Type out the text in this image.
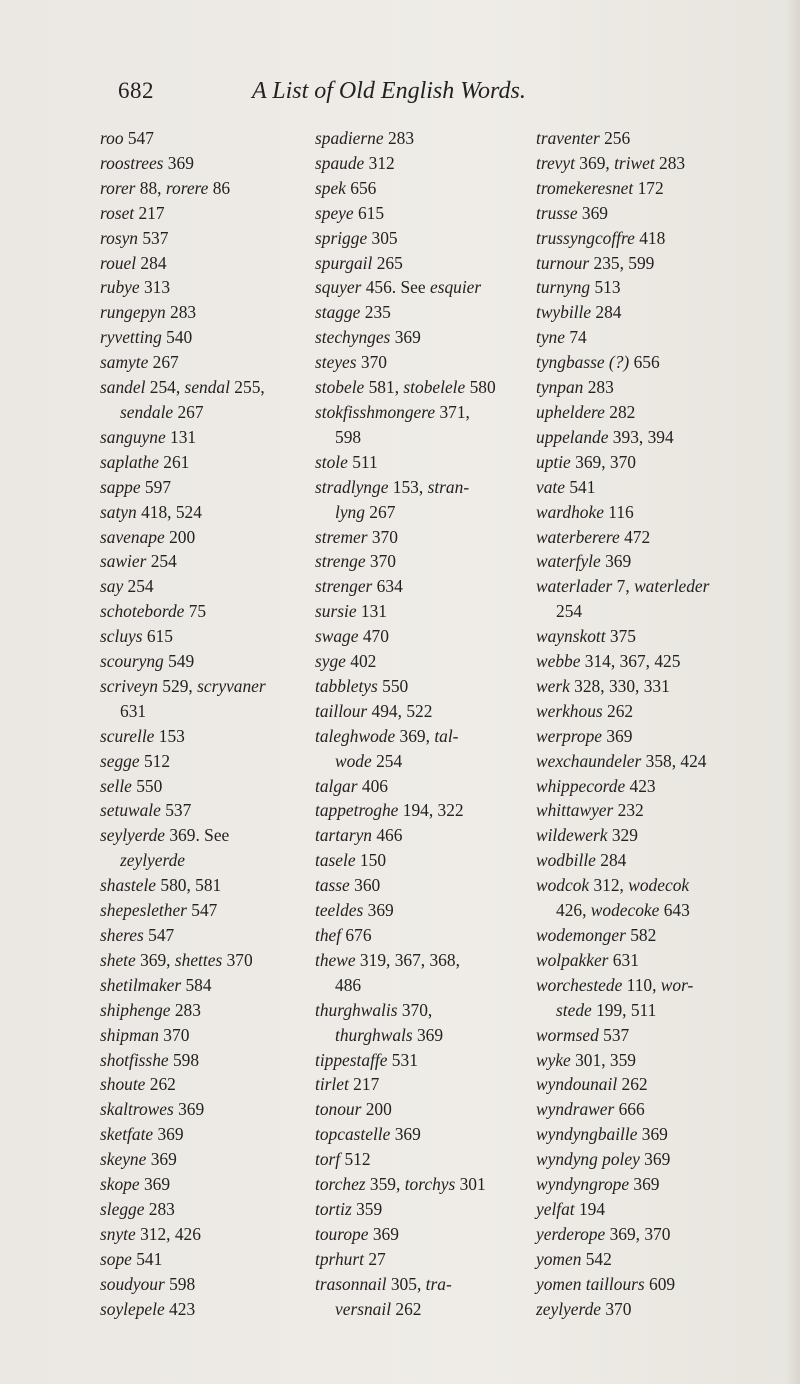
682	A List of Old English Words.
roo 547
roostrees 369
rorer 88, rorere 86
roset 217
rosyn 537
rouel 284
rubye 313
rungepyn 283
ryvetting 540
samyte 267
sandel 254, sendal 255,
sendale 267
sanguyne 131
saplathe 261
sappe 597
satyn 418, 524
savenape 200
sawier 254
say 254
schoteborde 75
scluys 615
scouryng 549
scriveyn 529, scryvaner
631
scurelle 153
segge 512
selle 550
setuwale 537
seylyerde 369. See
zeylyerde
shastele 580, 581
shepeslether 547
sheres 547
shete 369, shettes 370
shetilmaker 584
shiphenge 283
shipman 370
shotfisshe 598
shoute 262
skaltrowes 369
sketfate 369
skeyne 369
skope 369
slegge 283
snyte 312, 426
sope 541
soudyour 598
soylepele 423
spadierne 283
spaude 312
spek 656
speye 615
sprigge 305
spurgail 265
squyer 456. See esquier
stagge 235
stechynges 369
steyes 370
stobele 581, stobelele 580
stokfisshmongere 371,
598
stole 511
stradlynge 153, stran-
lyng 267
stremer 370
strenge 370
strenger 634
sursie 131
swage 470
syge 402
tabbletys 550
taillour 494, 522
taleghwode 369, tal-
wode 254
talgar 406
tappetroghe 194, 322
tartaryn 466
tasele 150
tasse 360
teeldes 369
thef 676
thewe 319, 367, 368,
486
thurghwalis 370,
thurghwals 369
tippestaffe 531
tirlet 217
tonour 200
topcastelle 369
torf 512
torchez 359, torchys 301
tortiz 359
tourope 369
tprhurt 27
trasonnail 305, tra-
versnail 262
traventer 256
trevyt 369, triwet 283
tromekeresnet 172
trusse 369
trussyngcoffre 418
turnour 235, 599
turnyng 513
twybille 284
tyne 74
tyngbasse (?) 656
tynpan 283
upheldere 282
uppelande 393, 394
uptie 369, 370
vate 541
wardhoke 116
waterberere 472
waterfyle 369
waterlader 7, waterleder
254
waynskott 375
webbe 314, 367, 425
werk 328, 330, 331
werkhous 262
werprope 369
wexchaundeler 358, 424
whippecorde 423
whittawyer 232
wildewerk 329
wodbille 284
wodcok 312, wodecok
426, wodecoke 643
wodemonger 582
wolpakker 631
worchestede 110, wor-
stede 199, 511
wormsed 537
wyke 301, 359
wyndounail 262
wyndrawer 666
wyndyngbaille 369
wyndyng poley 369
wyndyngrope 369
yelfat 194
yerderope 369, 370
yomen 542
yomen taillours 609
zeylyerde 370
